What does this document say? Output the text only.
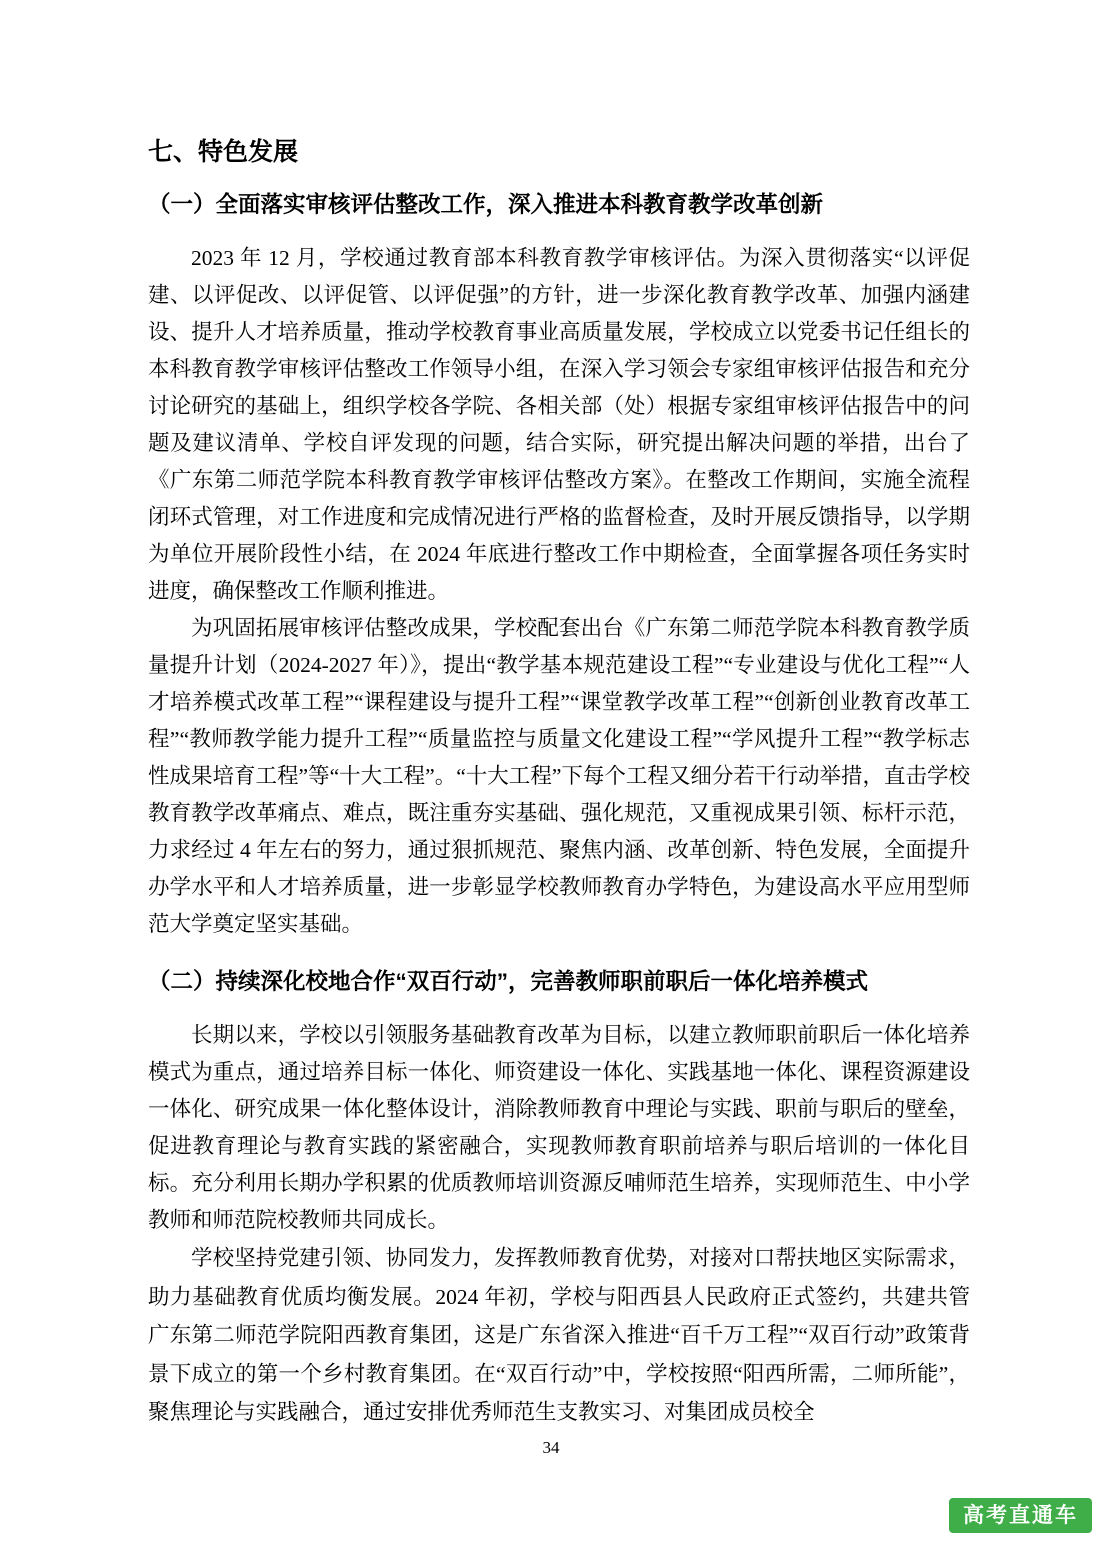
七、特色发展
（一）全面落实审核评估整改工作，深入推进本科教育教学改革创新

2023 年 12 月，学校通过教育部本科教育教学审核评估。为深入贯彻落实“以评促建、以评促改、以评促管、以评促强”的方针，进一步深化教育教学改革、加强内涵建设、提升人才培养质量，推动学校教育事业高质量发展，学校成立以党委书记任组长的本科教育教学审核评估整改工作领导小组，在深入学习领会专家组审核评估报告和充分讨论研究的基础上，组织学校各学院、各相关部（处）根据专家组审核评估报告中的问题及建议清单、学校自评发现的问题，结合实际，研究提出解决问题的举措，出台了《广东第二师范学院本科教育教学审核评估整改方案》。在整改工作期间，实施全流程闭环式管理，对工作进度和完成情况进行严格的监督检查，及时开展反馈指导，以学期为单位开展阶段性小结，在 2024 年底进行整改工作中期检查，全面掌握各项任务实时进度，确保整改工作顺利推进。

为巩固拓展审核评估整改成果，学校配套出台《广东第二师范学院本科教育教学质量提升计划（2024-2027 年）》，提出“教学基本规范建设工程”“专业建设与优化工程”“人才培养模式改革工程”“课程建设与提升工程”“课堂教学改革工程”“创新创业教育改革工程”“教师教学能力提升工程”“质量监控与质量文化建设工程”“学风提升工程”“教学标志性成果培育工程”等“十大工程”。“十大工程”下每个工程又细分若干行动举措，直击学校教育教学改革痛点、难点，既注重夯实基础、强化规范，又重视成果引领、标杆示范，力求经过 4 年左右的努力，通过狠抓规范、聚焦内涵、改革创新、特色发展，全面提升办学水平和人才培养质量，进一步彰显学校教师教育办学特色，为建设高水平应用型师范大学奠定坚实基础。

（二）持续深化校地合作“双百行动”，完善教师职前职后一体化培养模式

长期以来，学校以引领服务基础教育改革为目标，以建立教师职前职后一体化培养模式为重点，通过培养目标一体化、师资建设一体化、实践基地一体化、课程资源建设一体化、研究成果一体化整体设计，消除教师教育中理论与实践、职前与职后的壁垒，促进教育理论与教育实践的紧密融合，实现教师教育职前培养与职后培训的一体化目标。充分利用长期办学积累的优质教师培训资源反哺师范生培养，实现师范生、中小学教师和师范院校教师共同成长。

学校坚持党建引领、协同发力，发挥教师教育优势，对接对口帮扶地区实际需求，助力基础教育优质均衡发展。2024 年初，学校与阳西县人民政府正式签约，共建共管广东第二师范学院阳西教育集团，这是广东省深入推进“百千万工程”“双百行动”政策背景下成立的第一个乡村教育集团。在“双百行动”中，学校按照“阳西所需，二师所能”，聚焦理论与实践融合，通过安排优秀师范生支教实习、对集团成员校全

34
高考直通车
